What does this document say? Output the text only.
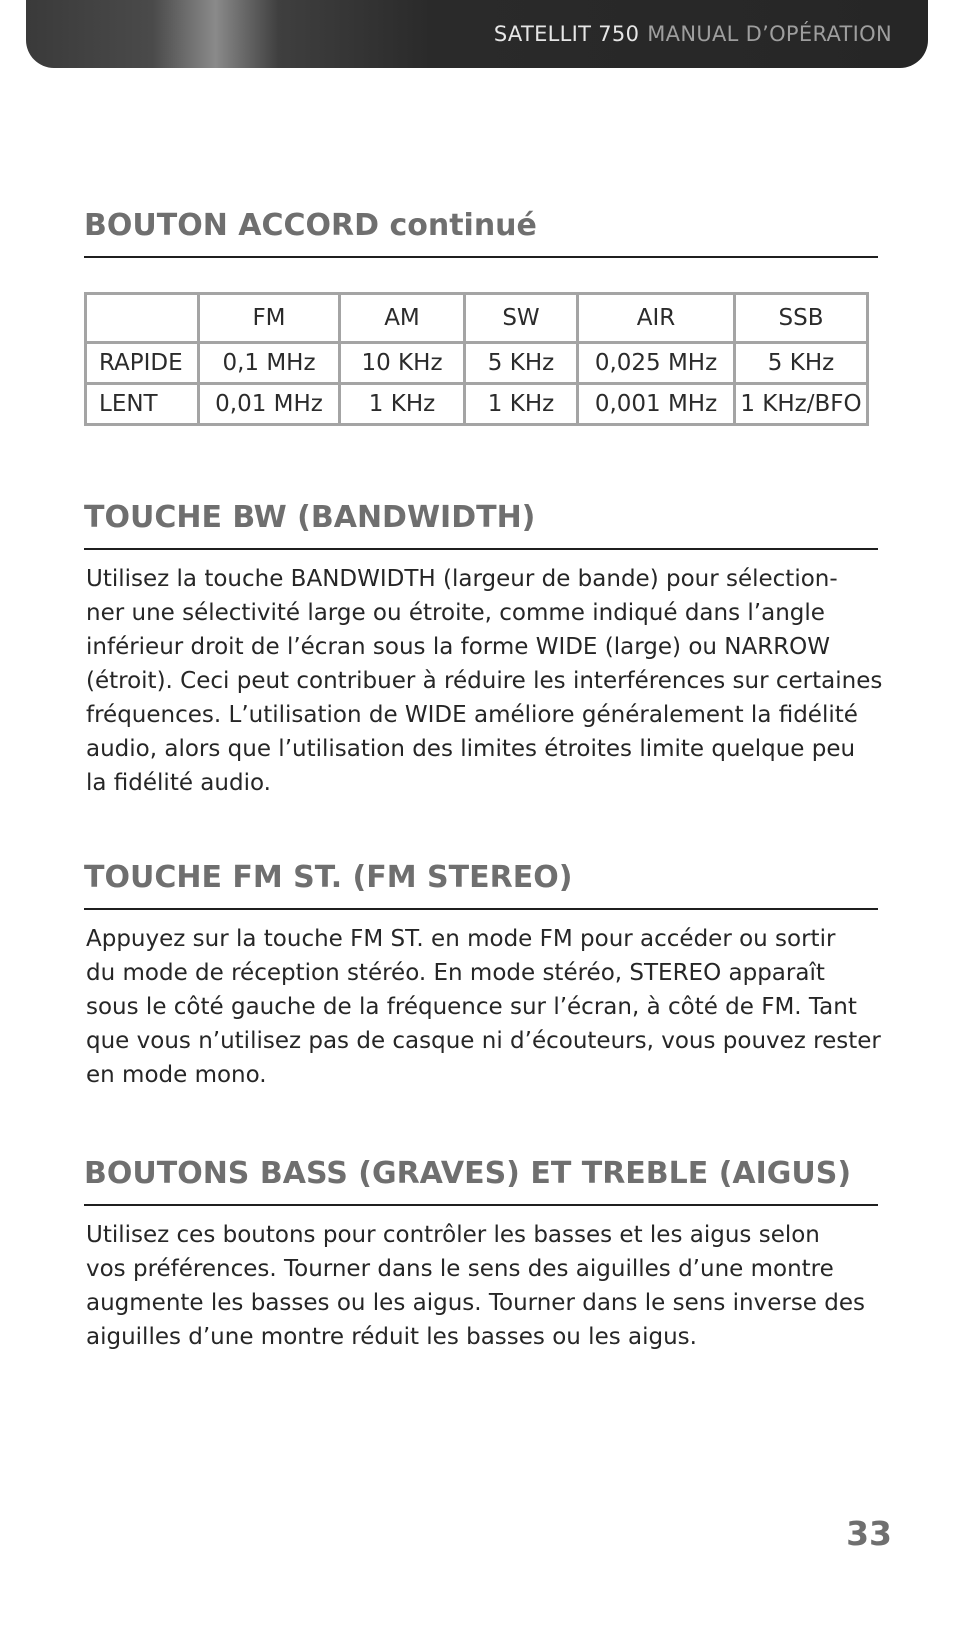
SATELLIT 750 MANUAL D’OPÉRATION
BOUTON ACCORD continué
	FM	AM	SW	AIR	SSB
RAPIDE	0,1 MHz	10 KHz	5 KHz	0,025 MHz	5 KHz
LENT	0,01 MHz	1 KHz	1 KHz	0,001 MHz	1 KHz/BFO
TOUCHE BW (BANDWIDTH)
Utilisez la touche BANDWIDTH (largeur de bande) pour sélection-
ner une sélectivité large ou étroite, comme indiqué dans l’angle
inférieur droit de l’écran sous la forme WIDE (large) ou NARROW
(étroit). Ceci peut contribuer à réduire les interférences sur certaines
fréquences. L’utilisation de WIDE améliore généralement la fidélité
audio, alors que l’utilisation des limites étroites limite quelque peu
la fidélité audio.
TOUCHE FM ST. (FM STEREO)
Appuyez sur la touche FM ST. en mode FM pour accéder ou sortir
du mode de réception stéréo. En mode stéréo, STEREO apparaît
sous le côté gauche de la fréquence sur l’écran, à côté de FM. Tant
que vous n’utilisez pas de casque ni d’écouteurs, vous pouvez rester
en mode mono.
BOUTONS BASS (GRAVES) ET TREBLE (AIGUS)
Utilisez ces boutons pour contrôler les basses et les aigus selon
vos préférences. Tourner dans le sens des aiguilles d’une montre
augmente les basses ou les aigus. Tourner dans le sens inverse des
aiguilles d’une montre réduit les basses ou les aigus.
33
